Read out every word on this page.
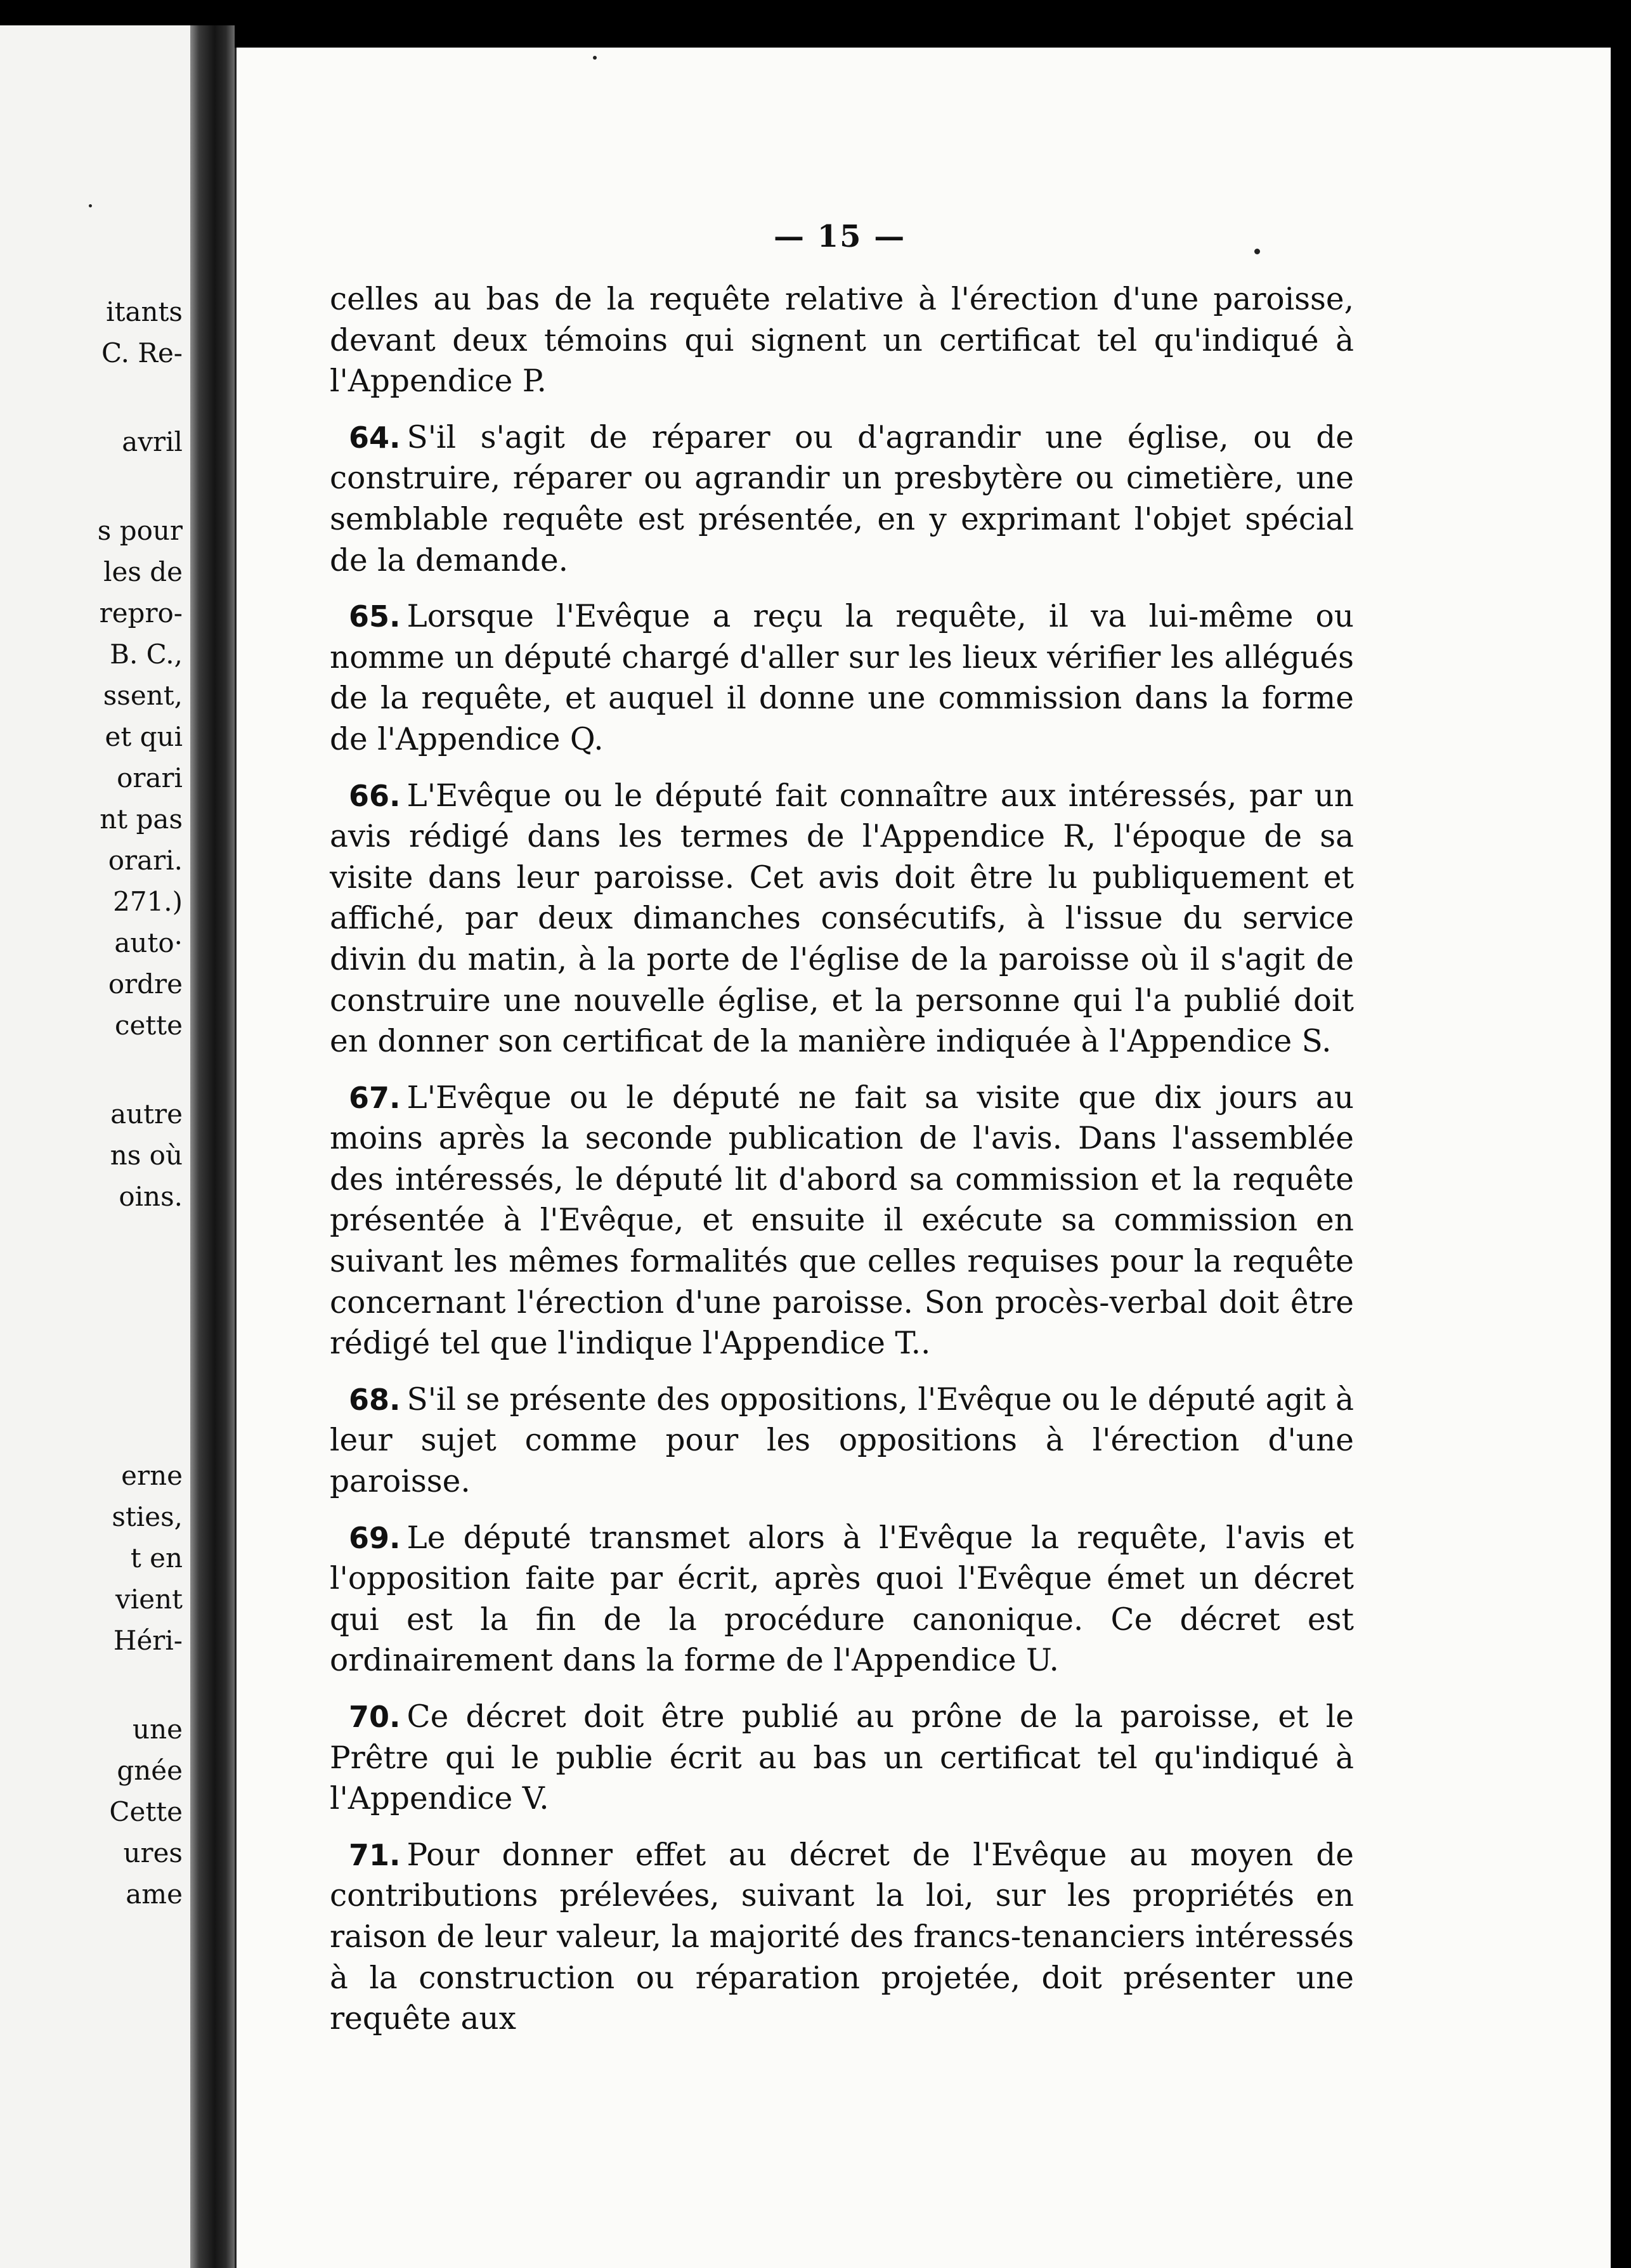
itants
C. Re-
avril
s pour
les de
repro-
B. C.,
ssent,
et qui
orari
nt pas
orari.
271.)
auto·
ordre
cette
autre
ns où
oins.
erne
sties,
t en
vient
Héri-
une
gnée
Cette
ures
ame
— 15 —

celles au bas de la requête relative à l'érection d'une paroisse, devant deux témoins qui signent un certificat tel qu'indiqué à l'Appendice P.

64. S'il s'agit de réparer ou d'agrandir une église, ou de construire, réparer ou agrandir un presbytère ou cimetière, une semblable requête est présentée, en y exprimant l'objet spécial de la demande.

65. Lorsque l'Evêque a reçu la requête, il va lui-même ou nomme un député chargé d'aller sur les lieux vérifier les allégués de la requête, et auquel il donne une commission dans la forme de l'Appendice Q.

66. L'Evêque ou le député fait connaître aux intéressés, par un avis rédigé dans les termes de l'Appendice R, l'époque de sa visite dans leur paroisse. Cet avis doit être lu publiquement et affiché, par deux dimanches consécutifs, à l'issue du service divin du matin, à la porte de l'église de la paroisse où il s'agit de construire une nouvelle église, et la personne qui l'a publié doit en donner son certificat de la manière indiquée à l'Appendice S.

67. L'Evêque ou le député ne fait sa visite que dix jours au moins après la seconde publication de l'avis. Dans l'assemblée des intéressés, le député lit d'abord sa commission et la requête présentée à l'Evêque, et ensuite il exécute sa commission en suivant les mêmes formalités que celles requises pour la requête concernant l'érection d'une paroisse. Son procès-verbal doit être rédigé tel que l'indique l'Appendice T..

68. S'il se présente des oppositions, l'Evêque ou le député agit à leur sujet comme pour les oppositions à l'érection d'une paroisse.

69. Le député transmet alors à l'Evêque la requête, l'avis et l'opposition faite par écrit, après quoi l'Evêque émet un décret qui est la fin de la procédure canonique. Ce décret est ordinairement dans la forme de l'Appendice U.

70. Ce décret doit être publié au prône de la paroisse, et le Prêtre qui le publie écrit au bas un certificat tel qu'indiqué à l'Appendice V.

71. Pour donner effet au décret de l'Evêque au moyen de contributions prélevées, suivant la loi, sur les propriétés en raison de leur valeur, la majorité des francs-tenanciers intéressés à la construction ou réparation projetée, doit présenter une requête aux
